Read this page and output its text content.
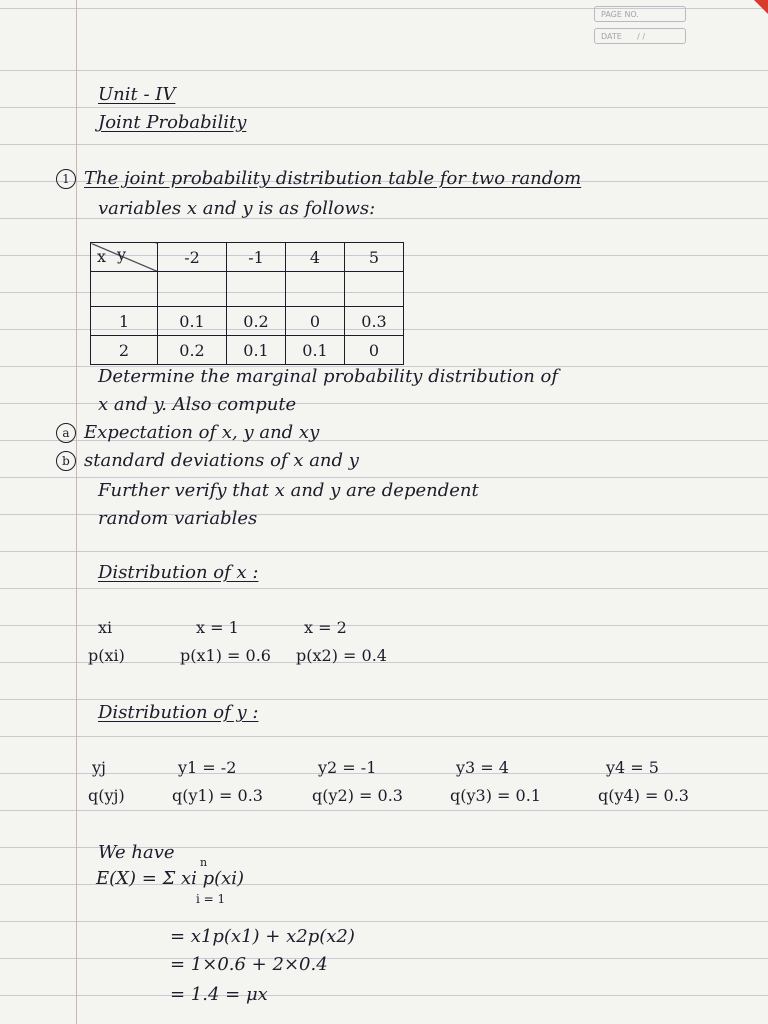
PAGE NO.
DATE / /
Unit - IV
Joint Probability
1 The joint probability distribution table for two random
variables x and y is as follows:
x y	-2	-1	4	5

1	0.1	0.2	0	0.3
2	0.2	0.1	0.1	0
Determine the marginal probability distribution of
x and y. Also compute
a Expectation of x, y and xy
b standard deviations of x and y
Further verify that x and y are dependent
random variables
Distribution of x :
xi	x = 1	x = 2
p(xi)	p(x1) = 0.6 p(x2) = 0.4
Distribution of y :
yj	y1 = -2	y2 = -1	y3 = 4	y4 = 5
q(yj)	q(y1) = 0.3	q(y2) = 0.3	q(y3) = 0.1	q(y4) = 0.3
We have n
E(X) = Σ xi p(xi)
i = 1
= x1p(x1) + x2p(x2)
= 1×0.6 + 2×0.4
= 1.4 = μx
